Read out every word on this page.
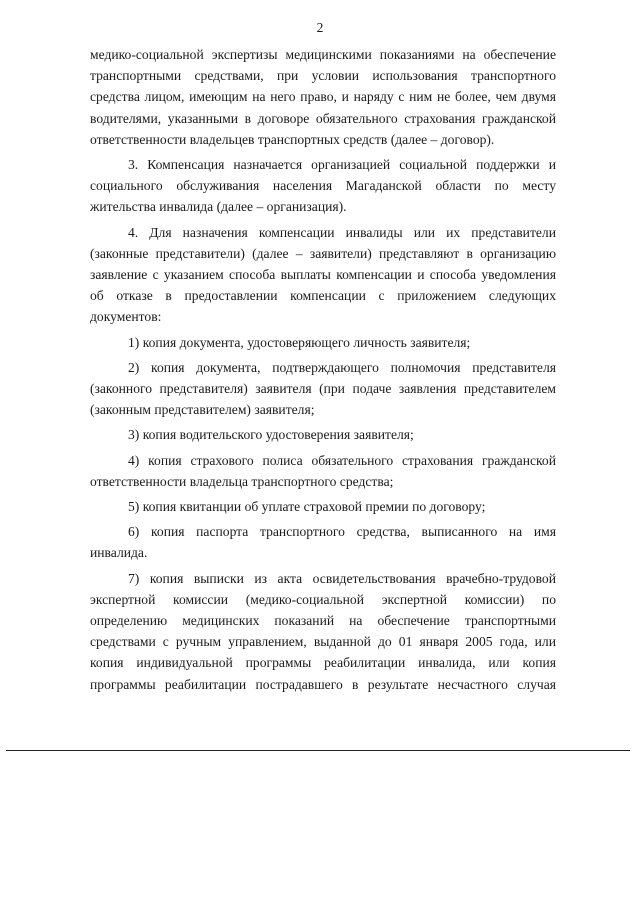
2

медико-социальной экспертизы медицинскими показаниями на обеспечение транспортными средствами, при условии использования транспортного средства лицом, имеющим на него право, и наряду с ним не более, чем двумя водителями, указанными в договоре обязательного страхования гражданской ответственности владельцев транспортных средств (далее – договор).

3. Компенсация назначается организацией социальной поддержки и социального обслуживания населения Магаданской области по месту жительства инвалида (далее – организация).

4. Для назначения компенсации инвалиды или их представители (законные представители) (далее – заявители) представляют в организацию заявление с указанием способа выплаты компенсации и способа уведомления об отказе в предоставлении компенсации с приложением следующих документов:

1) копия документа, удостоверяющего личность заявителя;

2) копия документа, подтверждающего полномочия представителя (законного представителя) заявителя (при подаче заявления представителем (законным представителем) заявителя;

3) копия водительского удостоверения заявителя;

4) копия страхового полиса обязательного страхования гражданской ответственности владельца транспортного средства;

5) копия квитанции об уплате страховой премии по договору;

6) копия паспорта транспортного средства, выписанного на имя инвалида.

7) копия выписки из акта освидетельствования врачебно-трудовой экспертной комиссии (медико-социальной экспертной комиссии) по определению медицинских показаний на обеспечение транспортными средствами с ручным управлением, выданной до 01 января 2005 года, или копия индивидуальной программы реабилитации инвалида, или копия программы реабилитации пострадавшего в результате несчастного случая
